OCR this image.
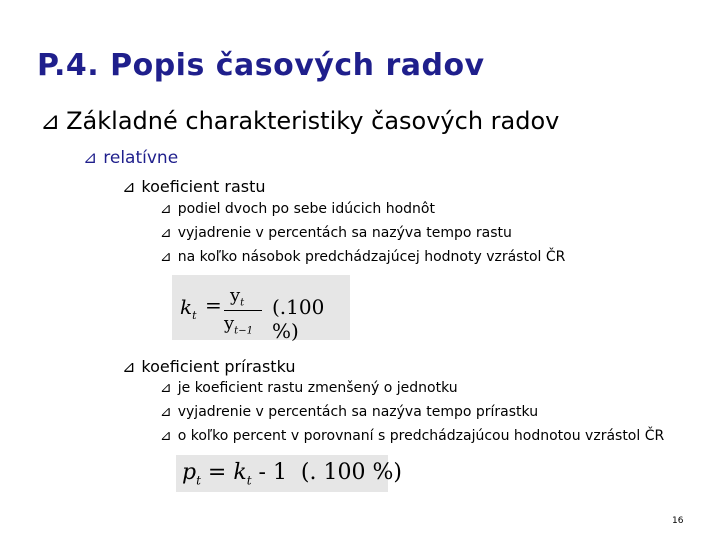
P.4. Popis časových radov
⊿ Základné charakteristiky časových radov
⊿ relatívne
⊿ koeficient rastu
⊿ podiel dvoch po sebe idúcich hodnôt
⊿ vyjadrenie v percentách sa nazýva tempo rastu
⊿ na koľko násobok predchádzajúcej hodnoty vzrástol ČR
$k_t = y_t$
$y_{t-1}$
(.100 %)
⊿ koeficient prírastku
⊿ je koeficient rastu zmenšený o jednotku
⊿ vyjadrenie v percentách sa nazýva tempo prírastku
⊿ o koľko percent v porovnaní s predchádzajúcou hodnotou vzrástol ČR
$p_t = k_t - 1$  (. 100 %)
16
